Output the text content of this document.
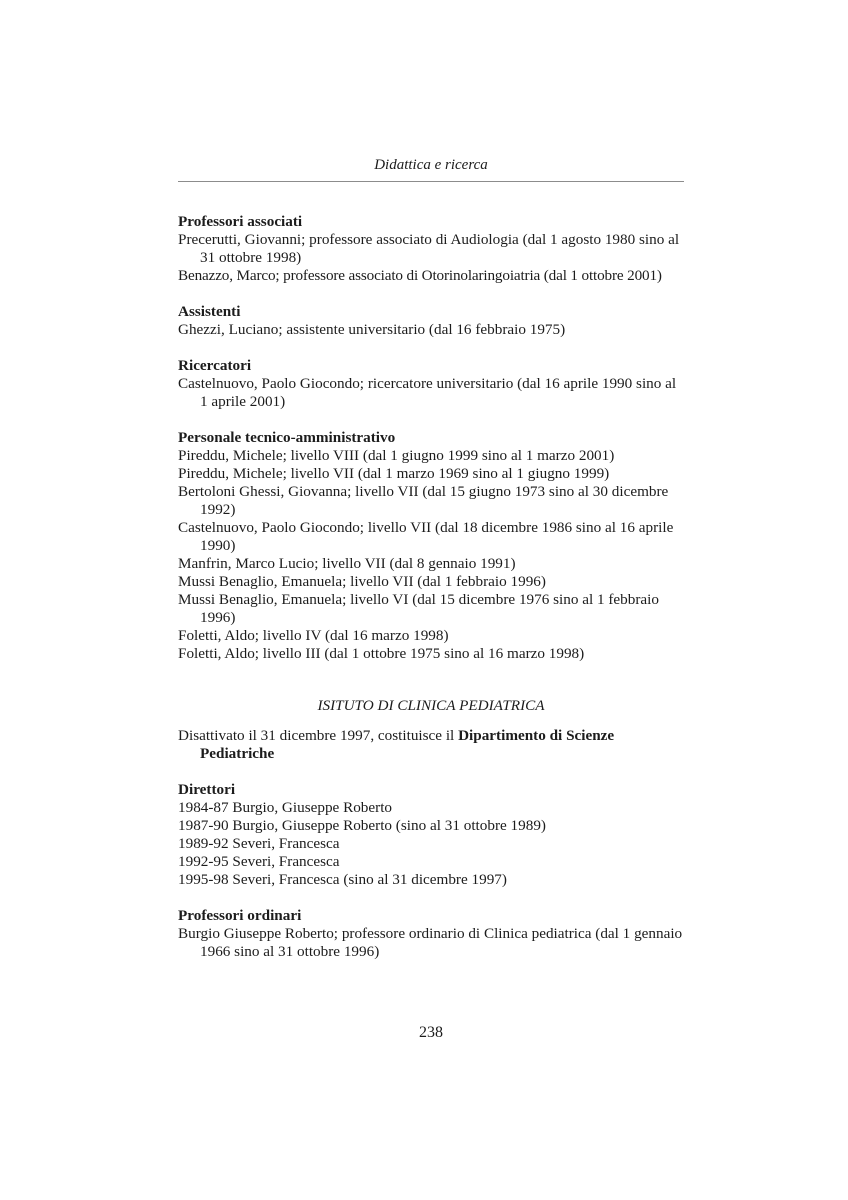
Didattica e ricerca

Professori associati

Precerutti, Giovanni; professore associato di Audiologia (dal 1 agosto 1980 sino al 31 ottobre 1998)

Benazzo, Marco; professore associato di Otorinolaringoiatria (dal 1 ottobre 2001)

Assistenti

Ghezzi, Luciano; assistente universitario (dal 16 febbraio 1975)

Ricercatori

Castelnuovo, Paolo Giocondo; ricercatore universitario (dal 16 aprile 1990 sino al 1 aprile 2001)

Personale tecnico-amministrativo

Pireddu, Michele; livello VIII (dal 1 giugno 1999 sino al 1 marzo 2001)

Pireddu, Michele; livello VII (dal 1 marzo 1969 sino al 1 giugno 1999)

Bertoloni Ghessi, Giovanna; livello VII (dal 15 giugno 1973 sino al 30 dicembre 1992)

Castelnuovo, Paolo Giocondo; livello VII (dal 18 dicembre 1986 sino al 16 aprile 1990)

Manfrin, Marco Lucio; livello VII (dal 8 gennaio 1991)

Mussi Benaglio, Emanuela; livello VII (dal 1 febbraio 1996)

Mussi Benaglio, Emanuela; livello VI (dal 15 dicembre 1976 sino al 1 febbraio 1996)

Foletti, Aldo; livello IV (dal 16 marzo 1998)

Foletti, Aldo; livello III (dal 1 ottobre 1975 sino al 16 marzo 1998)

ISITUTO DI CLINICA PEDIATRICA

Disattivato il 31 dicembre 1997, costituisce il Dipartimento di Scienze Pediatriche

Direttori

1984-87 Burgio, Giuseppe Roberto

1987-90 Burgio, Giuseppe Roberto (sino al 31 ottobre 1989)

1989-92 Severi, Francesca

1992-95 Severi, Francesca

1995-98 Severi, Francesca (sino al 31 dicembre 1997)

Professori ordinari

Burgio Giuseppe Roberto; professore ordinario di Clinica pediatrica (dal 1 gennaio 1966 sino al 31 ottobre 1996)

238
